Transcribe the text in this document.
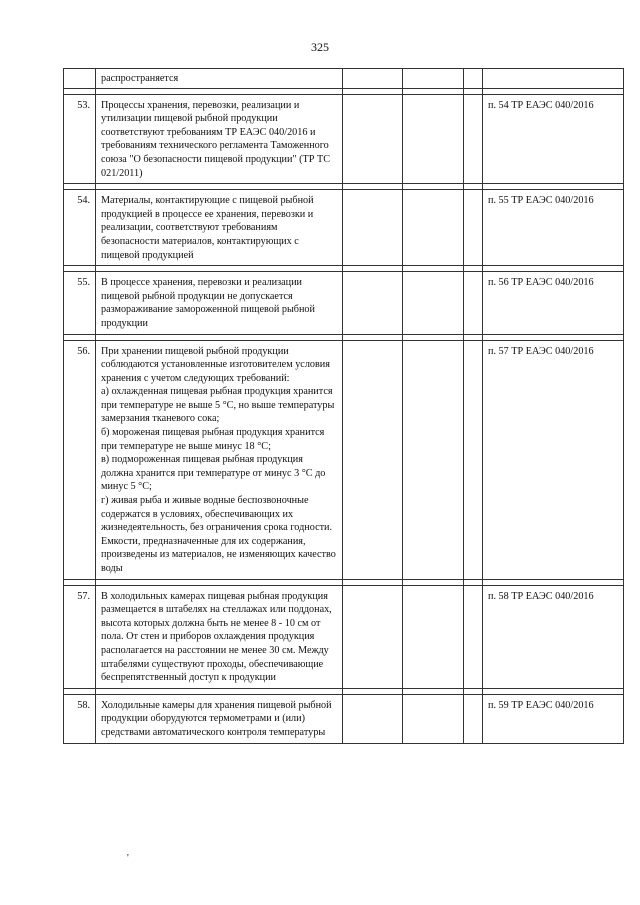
325
	распространяется				

53.	Процессы хранения, перевозки, реализации и утилизации пищевой рыбной продукции соответствуют требованиям ТР ЕАЭС 040/2016 и требованиям технического регламента Таможенного союза "О безопасности пищевой продукции" (ТР ТС 021/2011)				п. 54 ТР ЕАЭС 040/2016

54.	Материалы, контактирующие с пищевой рыбной продукцией в процессе ее хранения, перевозки и реализации, соответствуют требованиям безопасности материалов, контактирующих с пищевой продукцией				п. 55 ТР ЕАЭС 040/2016

55.	В процессе хранения, перевозки и реализации пищевой рыбной продукции не допускается размораживание замороженной пищевой рыбной продукции				п. 56 ТР ЕАЭС 040/2016

56.	При хранении пищевой рыбной продукции соблюдаются установленные изготовителем условия хранения с учетом следующих требований:
а) охлажденная пищевая рыбная продукция хранится при температуре не выше 5 °С, но выше температуры замерзания тканевого сока;
б) мороженая пищевая рыбная продукция хранится при температуре не выше минус 18 °С;
в) подмороженная пищевая рыбная продукция должна хранится при температуре от минус 3 °С до минус 5 °С;
г) живая рыба и живые водные беспозвоночные содержатся в условиях, обеспечивающих их жизнедеятельность, без ограничения срока годности. Емкости, предназначенные для их содержания, произведены из материалов, не изменяющих качество воды				п. 57 ТР ЕАЭС 040/2016

57.	В холодильных камерах пищевая рыбная продукция размещается в штабелях на стеллажах или поддонах, высота которых должна быть не менее 8 - 10 см от пола. От стен и приборов охлаждения продукция располагается на расстоянии не менее 30 см. Между штабелями существуют проходы, обеспечивающие беспрепятственный доступ к продукции				п. 58 ТР ЕАЭС 040/2016

58.	Холодильные камеры для хранения пищевой рыбной продукции оборудуются термометрами и (или) средствами автоматического контроля температуры				п. 59 ТР ЕАЭС 040/2016
'
